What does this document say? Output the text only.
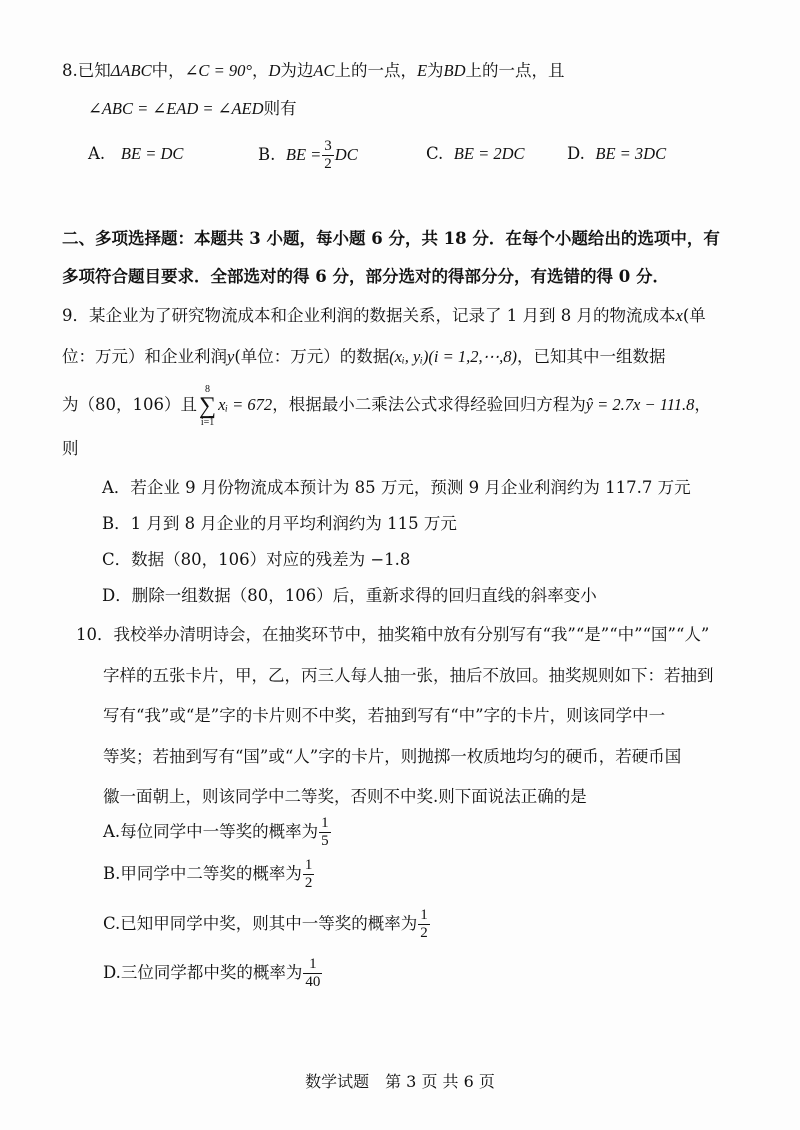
8.已知ΔABC中，∠C = 90°，D为边AC上的一点，E为BD上的一点，且
∠ABC = ∠EAD = ∠AED则有
A. BE = DC	B. BE = $\frac{3}{2}$ DC	C. BE = 2DC	D. BE = 3DC
二、多项选择题：本题共 3 小题，每小题 6 分，共 18 分．在每个小题给出的选项中，有
多项符合题目要求．全部选对的得 6 分，部分选对的得部分分，有选错的得 0 分．
9．某企业为了研究物流成本和企业利润的数据关系，记录了 1 月到 8 月的物流成本x(单
位：万元）和企业利润y(单位：万元）的数据(xᵢ, yᵢ)(i = 1,2,⋯,8)，已知其中一组数据
为（80，106）且
8
∑
i=1
xᵢ = 672，根据最小二乘法公式求得经验回归方程为ŷ = 2.7x − 111.8，
则
A．若企业 9 月份物流成本预计为 85 万元，预测 9 月企业利润约为 117.7 万元
B．1 月到 8 月企业的月平均利润约为 115 万元
C．数据（80，106）对应的残差为 −1.8
D．删除一组数据（80，106）后，重新求得的回归直线的斜率变小
10．我校举办清明诗会，在抽奖环节中，抽奖箱中放有分别写有“我”“是”“中”“国”“人”
字样的五张卡片，甲，乙，丙三人每人抽一张，抽后不放回。抽奖规则如下：若抽到
写有“我”或“是”字的卡片则不中奖，若抽到写有“中”字的卡片，则该同学中一
等奖；若抽到写有“国”或“人”字的卡片，则抛掷一枚质地均匀的硬币，若硬币国
徽一面朝上，则该同学中二等奖，否则不中奖.则下面说法正确的是
A.每位同学中一等奖的概率为 $\frac{1}{5}$
B.甲同学中二等奖的概率为 $\frac{1}{2}$
C.已知甲同学中奖，则其中一等奖的概率为 $\frac{1}{2}$
D.三位同学都中奖的概率为 $\frac{1}{40}$
数学试题　第 3 页 共 6 页
